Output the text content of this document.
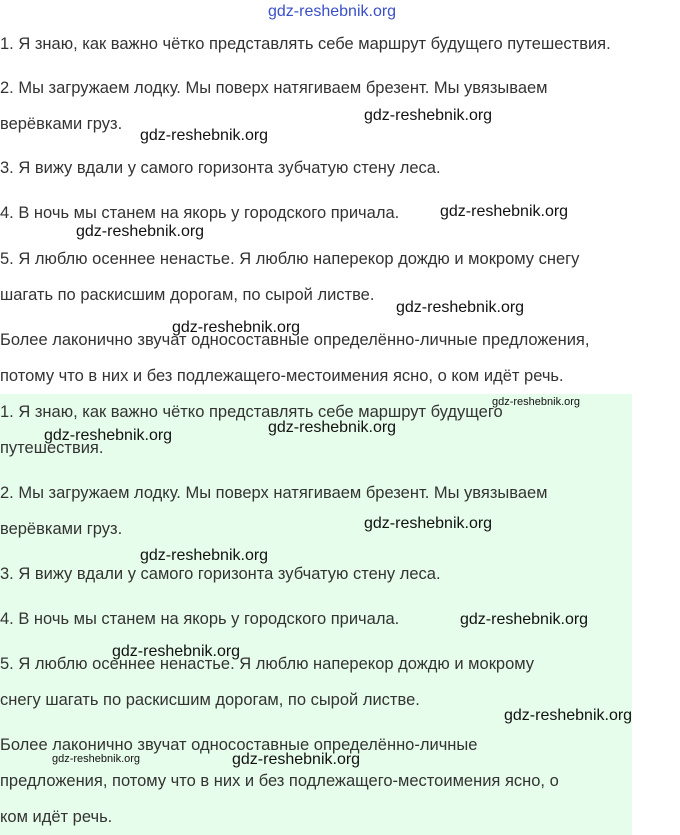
1. Я знаю, как важно чётко представлять себе маршрут будущего путешествия.

2. Мы загружаем лодку. Мы поверх натягиваем брезент. Мы увязываем

верёвками груз.

3. Я вижу вдали у самого горизонта зубчатую стену леса.

4. В ночь мы станем на якорь у городского причала.

5. Я люблю осеннее ненастье. Я люблю наперекор дождю и мокрому снегу

шагать по раскисшим дорогам, по сырой листве.

Более лаконично звучат односоставные определённо-личные предложения,

потому что в них и без подлежащего-местоимения ясно, о ком идёт речь.

1. Я знаю, как важно чётко представлять себе маршрут будущего

путешествия.

2. Мы загружаем лодку. Мы поверх натягиваем брезент. Мы увязываем

верёвками груз.

3. Я вижу вдали у самого горизонта зубчатую стену леса.

4. В ночь мы станем на якорь у городского причала.

5. Я люблю осеннее ненастье. Я люблю наперекор дождю и мокрому

снегу шагать по раскисшим дорогам, по сырой листве.

Более лаконично звучат односоставные определённо-личные

предложения, потому что в них и без подлежащего-местоимения ясно, о

ком идёт речь.

gdz-reshebnik.org
gdz-reshebnik.org
gdz-reshebnik.org
gdz-reshebnik.org
gdz-reshebnik.org
gdz-reshebnik.org
gdz-reshebnik.org
gdz-reshebnik.org
gdz-reshebnik.org
gdz-reshebnik.org
gdz-reshebnik.org
gdz-reshebnik.org
gdz-reshebnik.org
gdz-reshebnik.org
gdz-reshebnik.org
gdz-reshebnik.org	gdz-reshebnik.org
